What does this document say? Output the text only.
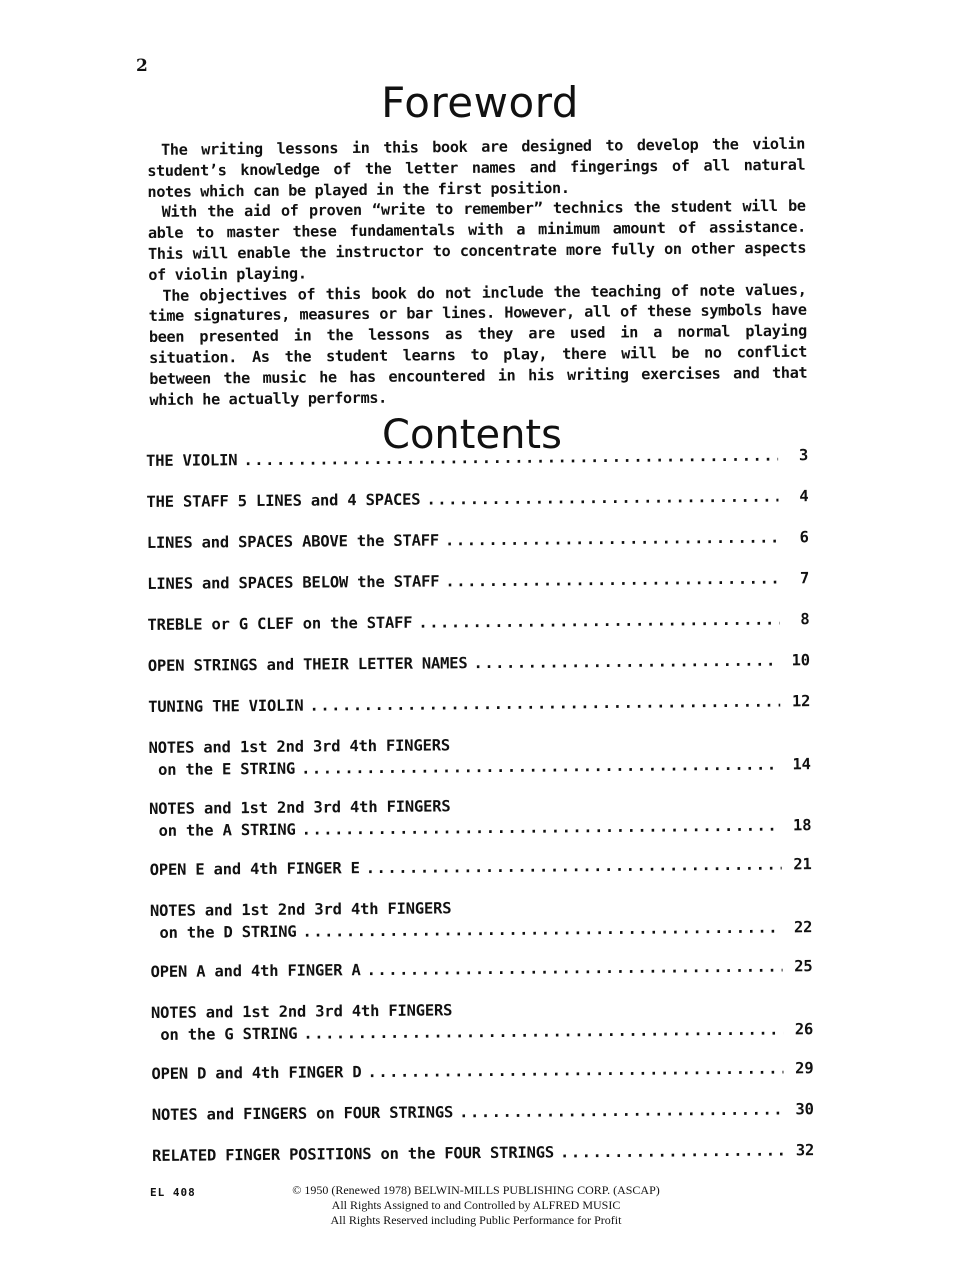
2
Foreword

The writing lessons in this book are designed to develop the violin student’s knowledge of the letter names and fingerings of all natural notes which can be played in the first position.

With the aid of proven “write to remember” technics the student will be able to master these fundamentals with a minimum amount of assistance. This will enable the instructor to concentrate more fully on other aspects of violin playing.

The objectives of this book do not include the teaching of note values, time signatures, measures or bar lines. However, all of these symbols have been presented in the lessons as they are used in a normal playing situation. As the student learns to play, there will be no conflict between the music he has encountered in his writing exercises and that which he actually performs.

Contents
THE VIOLIN .....	3
THE STAFF 5 LINES and 4 SPACES .....	4
LINES and SPACES ABOVE the STAFF .....	6
LINES and SPACES BELOW the STAFF .....	7
TREBLE or G CLEF on the STAFF .....	8
OPEN STRINGS and THEIR LETTER NAMES .....	10
TUNING THE VIOLIN .....	12
NOTES and 1st 2nd 3rd 4th FINGERS
on the E STRING .....	14
NOTES and 1st 2nd 3rd 4th FINGERS
on the A STRING .....	18
OPEN E and 4th FINGER E .....	21
NOTES and 1st 2nd 3rd 4th FINGERS
on the D STRING .....	22
OPEN A and 4th FINGER A .....	25
NOTES and 1st 2nd 3rd 4th FINGERS
on the G STRING .....	26
OPEN D and 4th FINGER D .....	29
NOTES and FINGERS on FOUR STRINGS .....	30
RELATED FINGER POSITIONS on the FOUR STRINGS .....	32
EL 408	© 1950 (Renewed 1978) BELWIN-MILLS PUBLISHING CORP. (ASCAP)
All Rights Assigned to and Controlled by ALFRED MUSIC
All Rights Reserved including Public Performance for Profit
